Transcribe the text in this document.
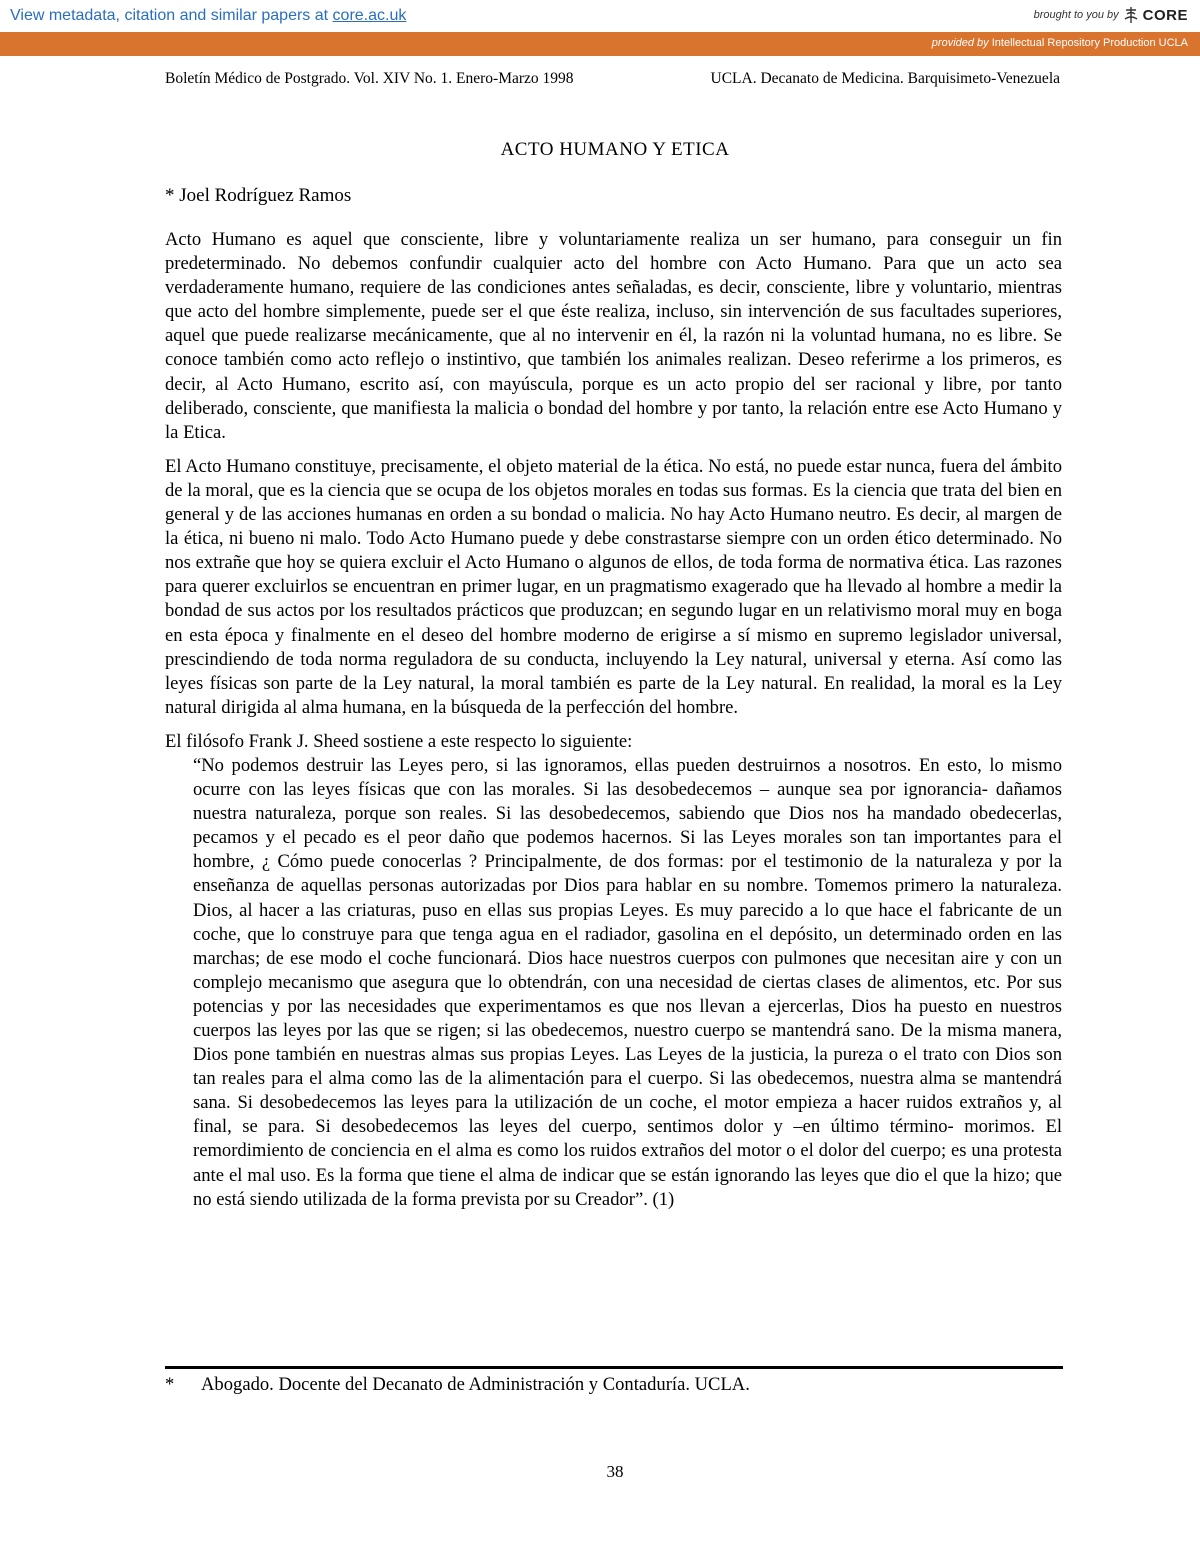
View metadata, citation and similar papers at core.ac.uk	brought to you by CORE
provided by Intellectual Repository Production UCLA
Boletín Médico de Postgrado. Vol. XIV No. 1. Enero-Marzo 1998	UCLA. Decanato de Medicina. Barquisimeto-Venezuela
ACTO HUMANO Y ETICA
* Joel Rodríguez Ramos

Acto Humano es aquel que consciente, libre y voluntariamente realiza un ser humano, para conseguir un fin predeterminado. No debemos confundir cualquier acto del hombre con Acto Humano. Para que un acto sea verdaderamente humano, requiere de las condiciones antes señaladas, es decir, consciente, libre y voluntario, mientras que acto del hombre simplemente, puede ser el que éste realiza, incluso, sin intervención de sus facultades superiores, aquel que puede realizarse mecánicamente, que al no intervenir en él, la razón ni la voluntad humana, no es libre. Se conoce también como acto reflejo o instintivo, que también los animales realizan. Deseo referirme a los primeros, es decir, al Acto Humano, escrito así, con mayúscula, porque es un acto propio del ser racional y libre, por tanto deliberado, consciente, que manifiesta la malicia o bondad del hombre y por tanto, la relación entre ese Acto Humano y la Etica.

El Acto Humano constituye, precisamente, el objeto material de la ética. No está, no puede estar nunca, fuera del ámbito de la moral, que es la ciencia que se ocupa de los objetos morales en todas sus formas. Es la ciencia que trata del bien en general y de las acciones humanas en orden a su bondad o malicia. No hay Acto Humano neutro. Es decir, al margen de la ética, ni bueno ni malo. Todo Acto Humano puede y debe constrastarse siempre con un orden ético determinado. No nos extrañe que hoy se quiera excluir el Acto Humano o algunos de ellos, de toda forma de normativa ética. Las razones para querer excluirlos se encuentran en primer lugar, en un pragmatismo exagerado que ha llevado al hombre a medir la bondad de sus actos por los resultados prácticos que produzcan; en segundo lugar en un relativismo moral muy en boga en esta época y finalmente en el deseo del hombre moderno de erigirse a sí mismo en supremo legislador universal, prescindiendo de toda norma reguladora de su conducta, incluyendo la Ley natural, universal y eterna. Así como las leyes físicas son parte de la Ley natural, la moral también es parte de la Ley natural. En realidad, la moral es la Ley natural dirigida al alma humana, en la búsqueda de la perfección del hombre.

El filósofo Frank J. Sheed sostiene a este respecto lo siguiente:

“No podemos destruir las Leyes pero, si las ignoramos, ellas pueden destruirnos a nosotros. En esto, lo mismo ocurre con las leyes físicas que con las morales. Si las desobedecemos – aunque sea por ignorancia- dañamos nuestra naturaleza, porque son reales. Si las desobedecemos, sabiendo que Dios nos ha mandado obedecerlas, pecamos y el pecado es el peor daño que podemos hacernos. Si las Leyes morales son tan importantes para el hombre, ¿ Cómo puede conocerlas ? Principalmente, de dos formas: por el testimonio de la naturaleza y por la enseñanza de aquellas personas autorizadas por Dios para hablar en su nombre. Tomemos primero la naturaleza. Dios, al hacer a las criaturas, puso en ellas sus propias Leyes. Es muy parecido a lo que hace el fabricante de un coche, que lo construye para que tenga agua en el radiador, gasolina en el depósito, un determinado orden en las marchas; de ese modo el coche funcionará. Dios hace nuestros cuerpos con pulmones que necesitan aire y con un complejo mecanismo que asegura que lo obtendrán, con una necesidad de ciertas clases de alimentos, etc. Por sus potencias y por las necesidades que experimentamos es que nos llevan a ejercerlas, Dios ha puesto en nuestros cuerpos las leyes por las que se rigen; si las obedecemos, nuestro cuerpo se mantendrá sano. De la misma manera, Dios pone también en nuestras almas sus propias Leyes. Las Leyes de la justicia, la pureza o el trato con Dios son tan reales para el alma como las de la alimentación para el cuerpo. Si las obedecemos, nuestra alma se mantendrá sana. Si desobedecemos las leyes para la utilización de un coche, el motor empieza a hacer ruidos extraños y, al final, se para. Si desobedecemos las leyes del cuerpo, sentimos dolor y –en último término- morimos. El remordimiento de conciencia en el alma es como los ruidos extraños del motor o el dolor del cuerpo; es una protesta ante el mal uso. Es la forma que tiene el alma de indicar que se están ignorando las leyes que dio el que la hizo; que no está siendo utilizada de la forma prevista por su Creador”. (1)
* Abogado. Docente del Decanato de Administración y Contaduría. UCLA.
38
